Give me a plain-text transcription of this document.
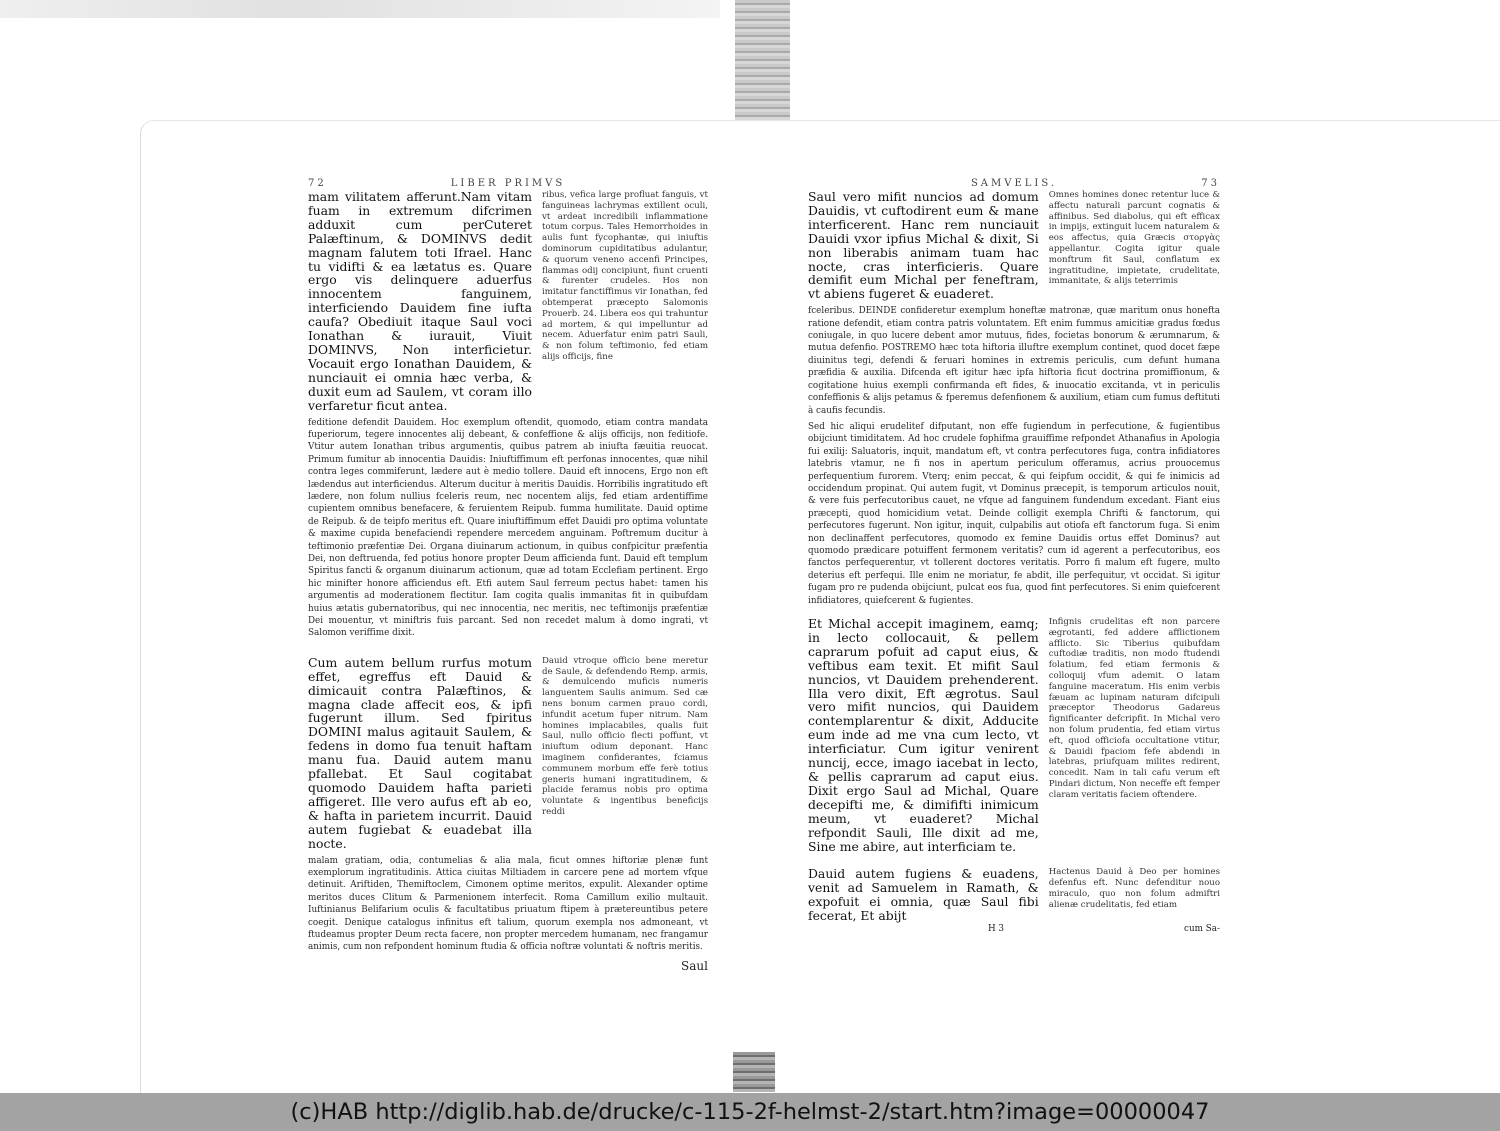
72	LIBER PRIMVS

mam vilitatem afferunt.Nam vitam fuam in extremum difcrimen adduxit cum perCuteret Palæftinum, & DOMINVS dedit magnam falutem toti Ifrael. Hanc tu vidifti & ea lætatus es. Quare ergo vis delinquere aduerfus innocentem fanguinem, interficiendo Dauidem fine iufta caufa? Obediuit itaque Saul voci Ionathan & iurauit, Viuit DOMINVS, Non interficietur. Vocauit ergo Ionathan Dauidem, & nunciauit ei omnia hæc verba, & duxit eum ad Saulem, vt coram illo verfaretur ficut antea.

ribus, vefica large profluat fanguis, vt fanguineas lachrymas extillent oculi, vt ardeat incredibili inflammatione totum corpus. Tales Hemorrhoides in aulis funt fycophantæ, qui iniuftis dominorum cupiditatibus adulantur, & quorum veneno accenfi Principes, flammas odij concipiunt, fiunt cruenti & furenter crudeles. Hos non imitatur fanctiffimus vir Ionathan, fed obtemperat præcepto Salomonis Prouerb. 24. Libera eos qui trahuntur ad mortem, & qui impelluntur ad necem. Aduerfatur enim patri Sauli, & non folum teftimonio, fed etiam alijs officijs, fine

feditione defendit Dauidem. Hoc exemplum oftendit, quomodo, etiam contra mandata fuperiorum, tegere innocentes alij debeant, & confeffione & alijs officijs, non feditiofe. Vtitur autem Ionathan tribus argumentis, quibus patrem ab iniufta fæuitia reuocat. Primum fumitur ab innocentia Dauidis: Iniuftiffimum eft perfonas innocentes, quæ nihil contra leges commiferunt, lædere aut è medio tollere. Dauid eft innocens, Ergo non eft lædendus aut interficiendus. Alterum ducitur à meritis Dauidis. Horribilis ingratitudo eft lædere, non folum nullius fceleris reum, nec nocentem alijs, fed etiam ardentiffime cupientem omnibus benefacere, & feruientem Reipub. fumma humilitate. Dauid optime de Reipub. & de teipfo meritus eft. Quare iniuftiffimum effet Dauidi pro optima voluntate & maxime cupida benefaciendi rependere mercedem anguinam. Poftremum ducitur à teftimonio præfentiæ Dei. Organa diuinarum actionum, in quibus confpicitur præfentia Dei, non deftruenda, fed potius honore propter Deum afficienda funt. Dauid eft templum Spiritus fancti & organum diuinarum actionum, quæ ad totam Ecclefiam pertinent. Ergo hic minifter honore afficiendus eft. Etfi autem Saul ferreum pectus habet: tamen his argumentis ad moderationem flectitur. Iam cogita qualis immanitas fit in quibufdam huius ætatis gubernatoribus, qui nec innocentia, nec meritis, nec teftimonijs præfentiæ Dei mouentur, vt miniftris fuis parcant. Sed non recedet malum à domo ingrati, vt Salomon veriffime dixit.

Cum autem bellum rurfus motum effet, egreffus eft Dauid & dimicauit contra Palæftinos, & magna clade affecit eos, & ipfi fugerunt illum. Sed fpiritus DOMINI malus agitauit Saulem, & fedens in domo fua tenuit haftam manu fua. Dauid autem manu pfallebat. Et Saul cogitabat quomodo Dauidem hafta parieti affigeret. Ille vero aufus eft ab eo, & hafta in parietem incurrit. Dauid autem fugiebat & euadebat illa nocte.

Dauid vtroque officio bene meretur de Saule, & defendendo Remp. armis, & demulcendo muficis numeris languentem Saulis animum. Sed cæ nens bonum carmen prauo cordi, infundit acetum fuper nitrum. Nam homines implacabiles, qualis fuit Saul, nullo officio flecti poffunt, vt iniuftum odium deponant. Hanc imaginem confiderantes, fciamus communem morbum effe ferè totius generis humani ingratitudinem, & placide feramus nobis pro optima voluntate & ingentibus beneficijs reddi

malam gratiam, odia, contumelias & alia mala, ficut omnes hiftoriæ plenæ funt exemplorum ingratitudinis. Attica ciuitas Miltiadem in carcere pene ad mortem vfque detinuit. Ariftiden, Themiftoclem, Cimonem optime meritos, expulit. Alexander optime meritos duces Clitum & Parmenionem interfecit. Roma Camillum exilio multauit. Iuftinianus Belifarium oculis & facultatibus priuatum ftipem à prætereuntibus petere coegit. Denique catalogus infinitus eft talium, quorum exempla nos admoneant, vt ftudeamus propter Deum recta facere, non propter mercedem humanam, nec frangamur animis, cum non refpondent hominum ftudia & officia noftræ voluntati & noftris meritis.

Saul
SAMVELIS.	73

Saul vero mifit nuncios ad domum Dauidis, vt cuftodirent eum & mane interficerent. Hanc rem nunciauit Dauidi vxor ipfius Michal & dixit, Si non liberabis animam tuam hac nocte, cras interficieris. Quare demifit eum Michal per feneftram, vt abiens fugeret & euaderet.

Omnes homines donec retentur luce & affectu naturali parcunt cognatis & affinibus. Sed diabolus, qui eft efficax in impijs, extinguit lucem naturalem & eos affectus, quia Græcis στοργὰς appellantur. Cogita igitur quale monftrum fit Saul, conflatum ex ingratitudine, impietate, crudelitate, immanitate, & alijs teterrimis

fceleribus. DEINDE confideretur exemplum honeftæ matronæ, quæ maritum onus honefta ratione defendit, etiam contra patris voluntatem. Eft enim fummus amicitiæ gradus fœdus coniugale, in quo lucere debent amor mutuus, fides, focietas bonorum & ærumnarum, & mutua defenfio. POSTREMO hæc tota hiftoria illuftre exemplum continet, quod docet fæpe diuinitus tegi, defendi & feruari homines in extremis periculis, cum defunt humana præfidia & auxilia. Difcenda eft igitur hæc ipfa hiftoria ficut doctrina promiffionum, & cogitatione huius exempli confirmanda eft fides, & inuocatio excitanda, vt in periculis confeffionis & alijs petamus & fperemus defenfionem & auxilium, etiam cum fumus deftituti à caufis fecundis.

Sed hic aliqui erudelitef difputant, non effe fugiendum in perfecutione, & fugientibus obijciunt timiditatem. Ad hoc crudele fophifma grauiffime refpondet Athanafius in Apologia fui exilij: Saluatoris, inquit, mandatum eft, vt contra perfecutores fuga, contra infidiatores latebris vtamur, ne fi nos in apertum periculum offeramus, acrius prouocemus perfequentium furorem. Vterq; enim peccat, & qui feipfum occidit, & qui fe inimicis ad occidendum propinat. Qui autem fugit, vt Dominus præcepit, is temporum articulos nouit, & vere fuis perfecutoribus cauet, ne vfque ad fanguinem fundendum excedant. Fiant eius præcepti, quod homicidium vetat. Deinde colligit exempla Chrifti & fanctorum, qui perfecutores fugerunt. Non igitur, inquit, culpabilis aut otiofa eft fanctorum fuga. Si enim non declinaffent perfecutores, quomodo ex femine Dauidis ortus effet Dominus? aut quomodo prædicare potuiffent fermonem veritatis? cum id agerent a perfecutoribus, eos fanctos perfequerentur, vt tollerent doctores veritatis. Porro fi malum eft fugere, multo deterius eft perfequi. Ille enim ne moriatur, fe abdit, ille perfequitur, vt occidat. Si igitur fugam pro re pudenda obijciunt, pulcat eos fua, quod fint perfecutores. Si enim quiefcerent infidiatores, quiefcerent & fugientes.

Et Michal accepit imaginem, eamq; in lecto collocauit, & pellem caprarum pofuit ad caput eius, & veftibus eam texit. Et mifit Saul nuncios, vt Dauidem prehenderent. Illa vero dixit, Eft ægrotus. Saul vero mifit nuncios, qui Dauidem contemplarentur & dixit, Adducite eum inde ad me vna cum lecto, vt interficiatur. Cum igitur venirent nuncij, ecce, imago iacebat in lecto, & pellis caprarum ad caput eius. Dixit ergo Saul ad Michal, Quare decepifti me, & dimififti inimicum meum, vt euaderet? Michal refpondit Sauli, Ille dixit ad me, Sine me abire, aut interficiam te.

Infignis crudelitas eft non parcere ægrotanti, fed addere afflictionem afflicto. Sic Tiberius quibufdam cuftodiæ traditis, non modo ftudendi folatium, fed etiam fermonis & colloquij vfum ademit. O latam fanguine maceratum. His enim verbis fæuam ac lupinam naturam difcipuli præceptor Theodorus Gadareus fignificanter defcripfit. In Michal vero non folum prudentia, fed etiam virtus eft, quod officiofa occultatione vtitur, & Dauidi fpaciom fefe abdendi in latebras, priufquam milites redirent, concedit. Nam in tali cafu verum eft Pindari dictum, Non neceffe eft femper claram veritatis faciem oftendere.

Dauid autem fugiens & euadens, venit ad Samuelem in Ramath, & expofuit ei omnia, quæ Saul fibi fecerat, Et abijt

Hactenus Dauid à Deo per homines defenfus eft. Nunc defenditur nouo miraculo, quo non folum admiftri alienæ crudelitatis, fed etiam

H 3	cum Sa-
(c)HAB http://diglib.hab.de/drucke/c-115-2f-helmst-2/start.htm?image=00000047
